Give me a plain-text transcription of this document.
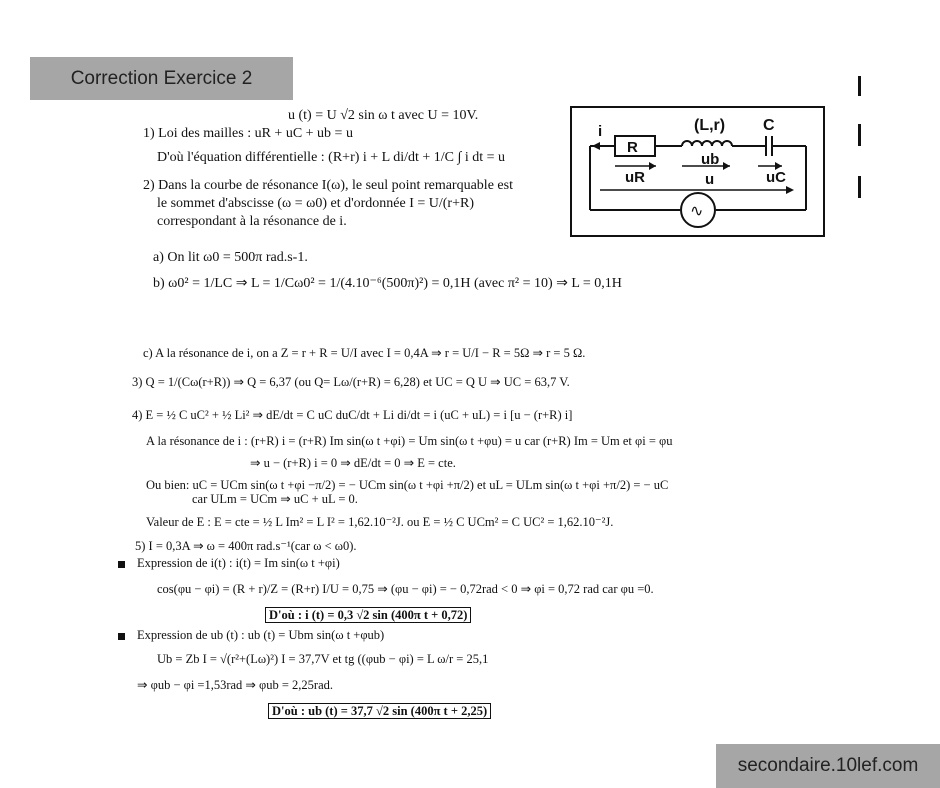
Correction Exercice 2
i
R
(L,r) C
ub
uR	u	uC
∿
u (t) = U √2 sin ω t avec U = 10V.
1) Loi des mailles : uR + uC + ub = u
D'où l'équation différentielle : (R+r) i + L di/dt + 1/C ∫ i dt = u
2) Dans la courbe de résonance I(ω), le seul point remarquable est
le sommet d'abscisse (ω = ω0) et d'ordonnée I = U/(r+R)
correspondant à la résonance de i.
a) On lit ω0 = 500π rad.s-1.
b) ω0² = 1/LC ⇒ L = 1/Cω0² = 1/(4.10⁻⁶(500π)²) = 0,1H (avec π² = 10) ⇒ L = 0,1H
c) A la résonance de i, on a Z = r + R = U/I avec I = 0,4A ⇒ r = U/I − R = 5Ω ⇒ r = 5 Ω.
3) Q = 1/(Cω(r+R)) ⇒ Q = 6,37 (ou Q= Lω/(r+R) = 6,28) et UC = Q U ⇒ UC = 63,7 V.
4) E = ½ C uC² + ½ Li² ⇒ dE/dt = C uC duC/dt + Li di/dt = i (uC + uL) = i [u − (r+R) i]
A la résonance de i : (r+R) i = (r+R) Im sin(ω t +φi) = Um sin(ω t +φu) = u car (r+R) Im = Um et φi = φu
⇒ u − (r+R) i = 0 ⇒ dE/dt = 0 ⇒ E = cte.
Ou bien: uC = UCm sin(ω t +φi −π/2) = − UCm sin(ω t +φi +π/2) et uL = ULm sin(ω t +φi +π/2) = − uC
car ULm = UCm ⇒ uC + uL = 0.
Valeur de E : E = cte = ½ L Im² = L I² = 1,62.10⁻²J. ou E = ½ C UCm² = C UC² = 1,62.10⁻²J.
5) I = 0,3A ⇒ ω = 400π rad.s⁻¹(car ω < ω0).
Expression de i(t) : i(t) = Im sin(ω t +φi)
cos(φu − φi) = (R + r)/Z = (R+r) I/U = 0,75 ⇒ (φu − φi) = − 0,72rad < 0 ⇒ φi = 0,72 rad car φu =0.
D'où : i (t) = 0,3 √2 sin (400π t + 0,72)
Expression de ub (t) : ub (t) = Ubm sin(ω t +φub)
Ub = Zb I = √(r²+(Lω)²) I = 37,7V et tg ((φub − φi) = L ω/r = 25,1
⇒ φub − φi =1,53rad ⇒ φub = 2,25rad.
D'où : ub (t) = 37,7 √2 sin (400π t + 2,25)
secondaire.10lef.com
